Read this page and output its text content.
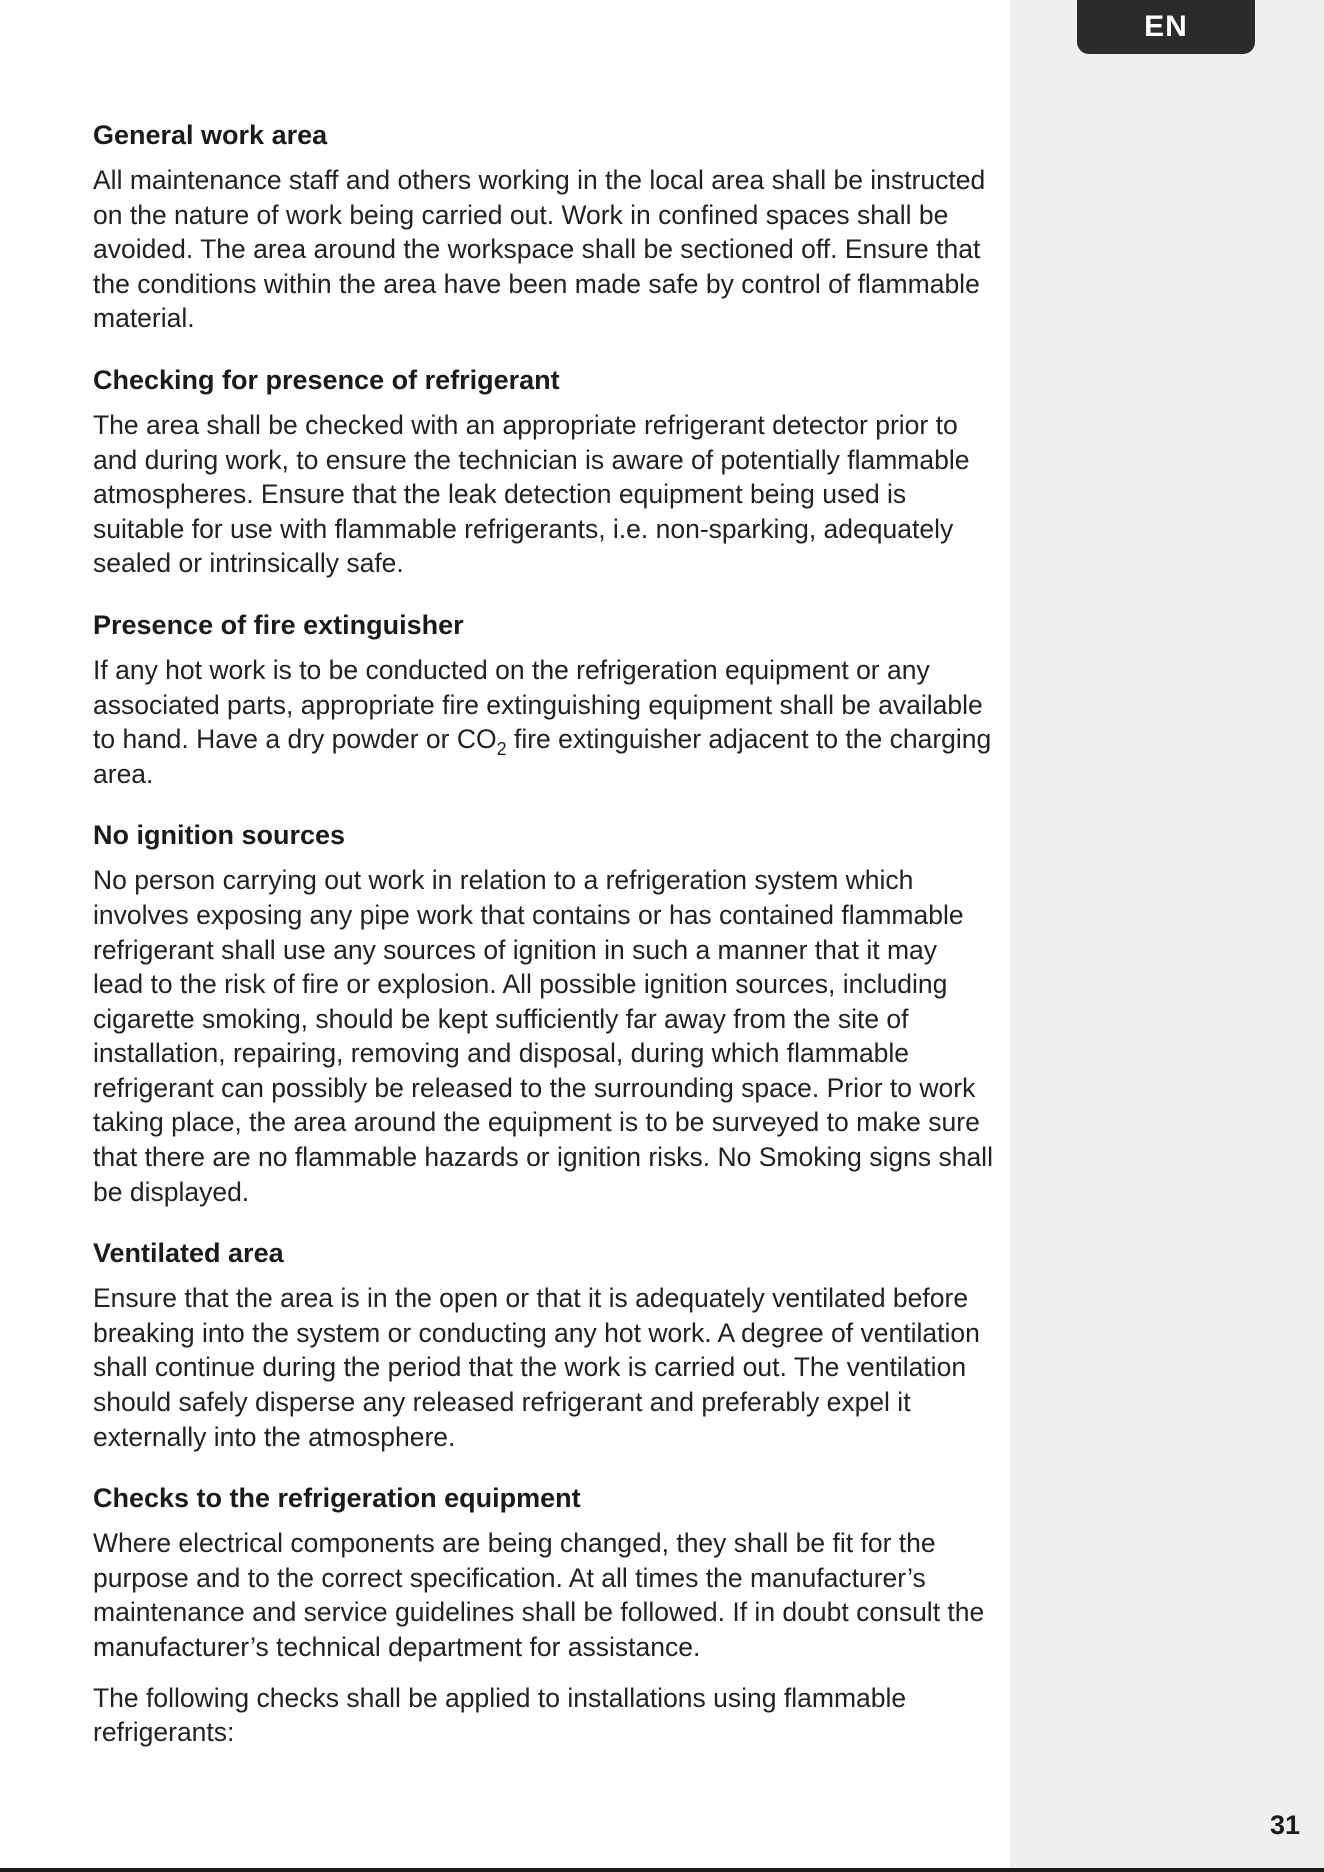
EN
General work area

All maintenance staff and others working in the local area shall be instructed on the nature of work being carried out. Work in confined spaces shall be avoided. The area around the workspace shall be sectioned off. Ensure that the conditions within the area have been made safe by control of flammable material.

Checking for presence of refrigerant

The area shall be checked with an appropriate refrigerant detector prior to and during work, to ensure the technician is aware of potentially flammable atmospheres. Ensure that the leak detection equipment being used is suitable for use with flammable refrigerants, i.e. non-sparking, adequately sealed or intrinsically safe.

Presence of fire extinguisher

If any hot work is to be conducted on the refrigeration equipment or any associated parts, appropriate fire extinguishing equipment shall be available to hand. Have a dry powder or $CO_2$ fire extinguisher adjacent to the charging area.

No ignition sources

No person carrying out work in relation to a refrigeration system which involves exposing any pipe work that contains or has contained flammable refrigerant shall use any sources of ignition in such a manner that it may lead to the risk of fire or explosion. All possible ignition sources, including cigarette smoking, should be kept sufficiently far away from the site of installation, repairing, removing and disposal, during which flammable refrigerant can possibly be released to the surrounding space. Prior to work taking place, the area around the equipment is to be surveyed to make sure that there are no flammable hazards or ignition risks. No Smoking signs shall be displayed.

Ventilated area

Ensure that the area is in the open or that it is adequately ventilated before breaking into the system or conducting any hot work. A degree of ventilation shall continue during the period that the work is carried out. The ventilation should safely disperse any released refrigerant and preferably expel it externally into the atmosphere.

Checks to the refrigeration equipment

Where electrical components are being changed, they shall be fit for the purpose and to the correct specification. At all times the manufacturer’s maintenance and service guidelines shall be followed. If in doubt consult the manufacturer’s technical department for assistance.

The following checks shall be applied to installations using flammable refrigerants:

31
